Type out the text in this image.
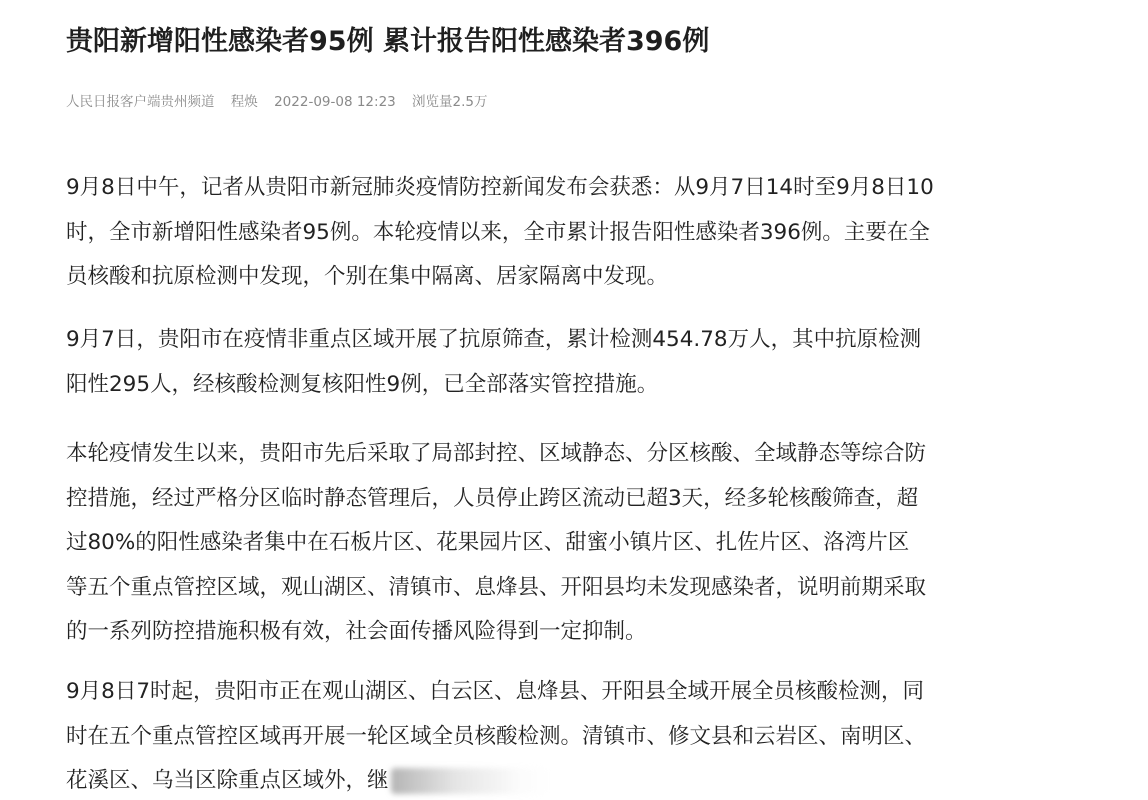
贵阳新增阳性感染者95例 累计报告阳性感染者396例
人民日报客户端贵州频道 程焕 2022-09-08 12:23 浏览量2.5万
9月8日中午，记者从贵阳市新冠肺炎疫情防控新闻发布会获悉：从9月7日14时至9月8日10
时，全市新增阳性感染者95例。本轮疫情以来，全市累计报告阳性感染者396例。主要在全
员核酸和抗原检测中发现，个别在集中隔离、居家隔离中发现。
9月7日，贵阳市在疫情非重点区域开展了抗原筛查，累计检测454.78万人，其中抗原检测
阳性295人，经核酸检测复核阳性9例，已全部落实管控措施。
本轮疫情发生以来，贵阳市先后采取了局部封控、区域静态、分区核酸、全域静态等综合防
控措施，经过严格分区临时静态管理后，人员停止跨区流动已超3天，经多轮核酸筛查，超
过80%的阳性感染者集中在石板片区、花果园片区、甜蜜小镇片区、扎佐片区、洛湾片区
等五个重点管控区域，观山湖区、清镇市、息烽县、开阳县均未发现感染者，说明前期采取
的一系列防控措施积极有效，社会面传播风险得到一定抑制。
9月8日7时起，贵阳市正在观山湖区、白云区、息烽县、开阳县全域开展全员核酸检测，同
时在五个重点管控区域再开展一轮区域全员核酸检测。清镇市、修文县和云岩区、南明区、
花溪区、乌当区除重点区域外，继
